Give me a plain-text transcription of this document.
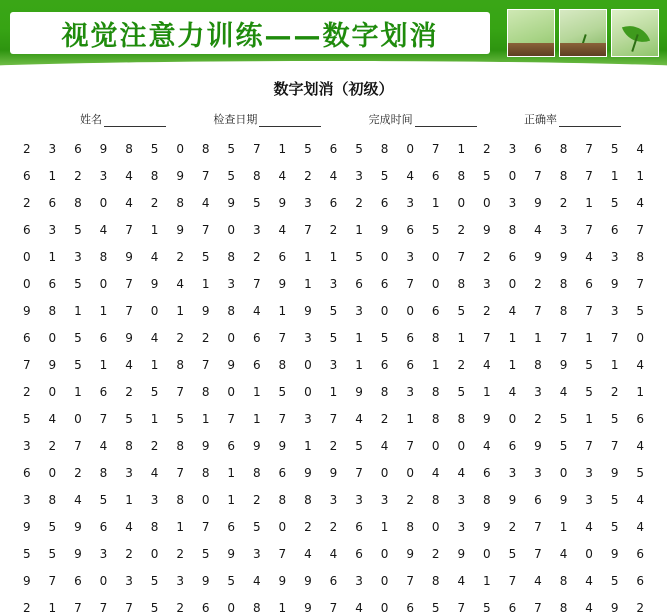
视觉注意力训练——数字划消
数字划消（初级）
姓名	检查日期	完成时间	正确率
2	3	6	9	8	5	0	8	5	7	1	5	6	5	8	0	7	1	2	3	6	8	7	5	4
6	1	2	3	4	8	9	7	5	8	4	2	4	3	5	4	6	8	5	0	7	8	7	1	1
2	6	8	0	4	2	8	4	9	5	9	3	6	2	6	3	1	0	0	3	9	2	1	5	4
6	3	5	4	7	1	9	7	0	3	4	7	2	1	9	6	5	2	9	8	4	3	7	6	7
0	1	3	8	9	4	2	5	8	2	6	1	1	5	0	3	0	7	2	6	9	9	4	3	8
0	6	5	0	7	9	4	1	3	7	9	1	3	6	6	7	0	8	3	0	2	8	6	9	7
9	8	1	1	7	0	1	9	8	4	1	9	5	3	0	0	6	5	2	4	7	8	7	3	5
6	0	5	6	9	4	2	2	0	6	7	3	5	1	5	6	8	1	7	1	1	7	1	7	0
7	9	5	1	4	1	8	7	9	6	8	0	3	1	6	6	1	2	4	1	8	9	5	1	4
2	0	1	6	2	5	7	8	0	1	5	0	1	9	8	3	8	5	1	4	3	4	5	2	1
5	4	0	7	5	1	5	1	7	1	7	3	7	4	2	1	8	8	9	0	2	5	1	5	6
3	2	7	4	8	2	8	9	6	9	9	1	2	5	4	7	0	0	4	6	9	5	7	7	4
6	0	2	8	3	4	7	8	1	8	6	9	9	7	0	0	4	4	6	3	3	0	3	9	5
3	8	4	5	1	3	8	0	1	2	8	8	3	3	3	2	8	3	8	9	6	9	3	5	4
9	5	9	6	4	8	1	7	6	5	0	2	2	6	1	8	0	3	9	2	7	1	4	5	4
5	5	9	3	2	0	2	5	9	3	7	4	4	6	0	9	2	9	0	5	7	4	0	9	6
9	7	6	0	3	5	3	9	5	4	9	9	6	3	0	7	8	4	1	7	4	8	4	5	6
2	1	7	7	7	5	2	6	0	8	1	9	7	4	0	6	5	7	5	6	7	8	4	9	2
